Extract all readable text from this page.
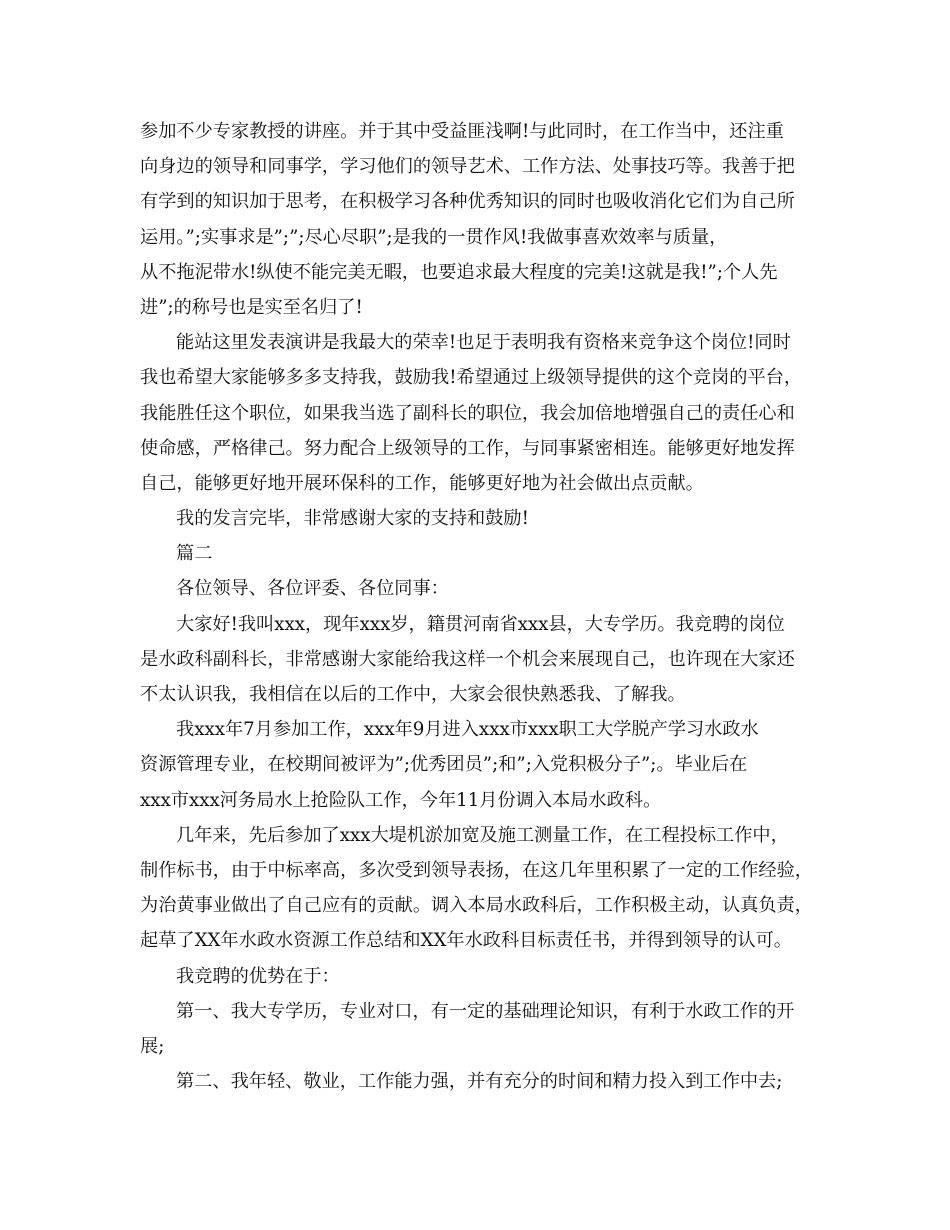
参加不少专家教授的讲座。并于其中受益匪浅啊!与此同时，在工作当中，还注重
向身边的领导和同事学，学习他们的领导艺术、工作方法、处事技巧等。我善于把
有学到的知识加于思考，在积极学习各种优秀知识的同时也吸收消化它们为自己所
运用。”;实事求是”;”;尽心尽职”;是我的一贯作风!我做事喜欢效率与质量，
从不拖泥带水!纵使不能完美无暇，也要追求最大程度的完美!这就是我!”;个人先
进”;的称号也是实至名归了!
能站这里发表演讲是我最大的荣幸!也足于表明我有资格来竞争这个岗位!同时
我也希望大家能够多多支持我，鼓励我!希望通过上级领导提供的这个竞岗的平台，
我能胜任这个职位，如果我当选了副科长的职位，我会加倍地增强自己的责任心和
使命感，严格律己。努力配合上级领导的工作，与同事紧密相连。能够更好地发挥
自己，能够更好地开展环保科的工作，能够更好地为社会做出点贡献。
我的发言完毕，非常感谢大家的支持和鼓励!
篇二
各位领导、各位评委、各位同事：
大家好!我叫xxx，现年xxx岁，籍贯河南省xxx县，大专学历。我竞聘的岗位
是水政科副科长，非常感谢大家能给我这样一个机会来展现自己，也许现在大家还
不太认识我，我相信在以后的工作中，大家会很快熟悉我、了解我。
我xxx年7月参加工作，xxx年9月进入xxx市xxx职工大学脱产学习水政水
资源管理专业，在校期间被评为”;优秀团员”;和”;入党积极分子”;。毕业后在
xxx市xxx河务局水上抢险队工作，今年11月份调入本局水政科。
几年来，先后参加了xxx大堤机淤加宽及施工测量工作，在工程投标工作中，
制作标书，由于中标率高，多次受到领导表扬，在这几年里积累了一定的工作经验，
为治黄事业做出了自己应有的贡献。调入本局水政科后，工作积极主动，认真负责，
起草了XX年水政水资源工作总结和XX年水政科目标责任书，并得到领导的认可。
我竞聘的优势在于：
第一、我大专学历，专业对口，有一定的基础理论知识，有利于水政工作的开
展;
第二、我年轻、敬业，工作能力强，并有充分的时间和精力投入到工作中去;
